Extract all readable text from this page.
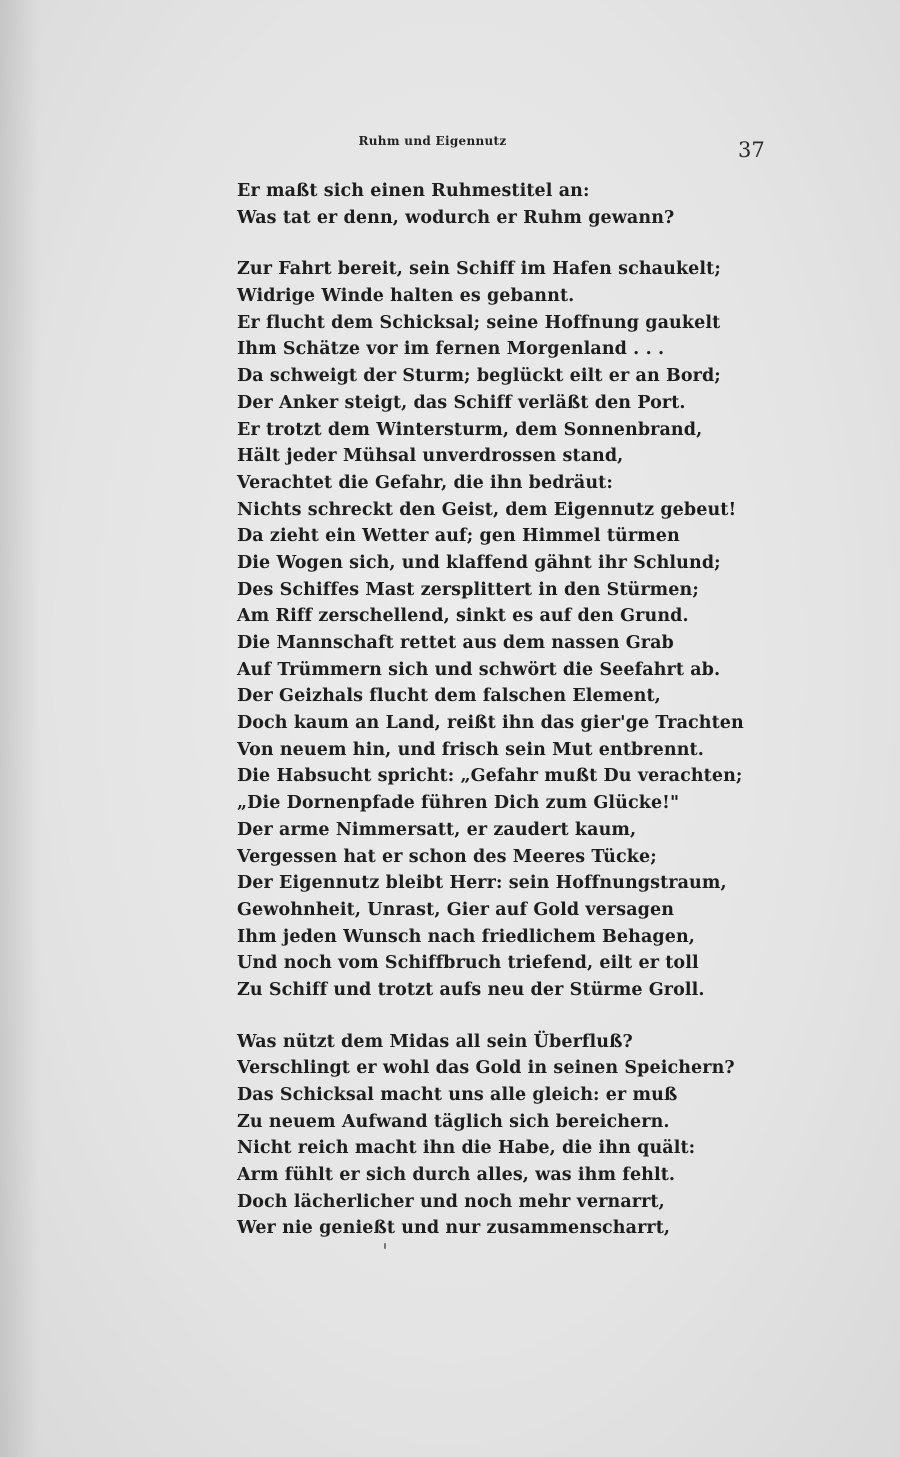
Ruhm und Eigennutz	37
Er maßt sich einen Ruhmestitel an:
Was tat er denn, wodurch er Ruhm gewann?
Zur Fahrt bereit, sein Schiff im Hafen schaukelt;
Widrige Winde halten es gebannt.
Er flucht dem Schicksal; seine Hoffnung gaukelt
Ihm Schätze vor im fernen Morgenland . . .
Da schweigt der Sturm; beglückt eilt er an Bord;
Der Anker steigt, das Schiff verläßt den Port.
Er trotzt dem Wintersturm, dem Sonnenbrand,
Hält jeder Mühsal unverdrossen stand,
Verachtet die Gefahr, die ihn bedräut:
Nichts schreckt den Geist, dem Eigennutz gebeut!
Da zieht ein Wetter auf; gen Himmel türmen
Die Wogen sich, und klaffend gähnt ihr Schlund;
Des Schiffes Mast zersplittert in den Stürmen;
Am Riff zerschellend, sinkt es auf den Grund.
Die Mannschaft rettet aus dem nassen Grab
Auf Trümmern sich und schwört die Seefahrt ab.
Der Geizhals flucht dem falschen Element,
Doch kaum an Land, reißt ihn das gier'ge Trachten
Von neuem hin, und frisch sein Mut entbrennt.
Die Habsucht spricht: „Gefahr mußt Du verachten;
„Die Dornenpfade führen Dich zum Glücke!"
Der arme Nimmersatt, er zaudert kaum,
Vergessen hat er schon des Meeres Tücke;
Der Eigennutz bleibt Herr: sein Hoffnungstraum,
Gewohnheit, Unrast, Gier auf Gold versagen
Ihm jeden Wunsch nach friedlichem Behagen,
Und noch vom Schiffbruch triefend, eilt er toll
Zu Schiff und trotzt aufs neu der Stürme Groll.
Was nützt dem Midas all sein Überfluß?
Verschlingt er wohl das Gold in seinen Speichern?
Das Schicksal macht uns alle gleich: er muß
Zu neuem Aufwand täglich sich bereichern.
Nicht reich macht ihn die Habe, die ihn quält:
Arm fühlt er sich durch alles, was ihm fehlt.
Doch lächerlicher und noch mehr vernarrt,
Wer nie genießt und nur zusammenscharrt,
